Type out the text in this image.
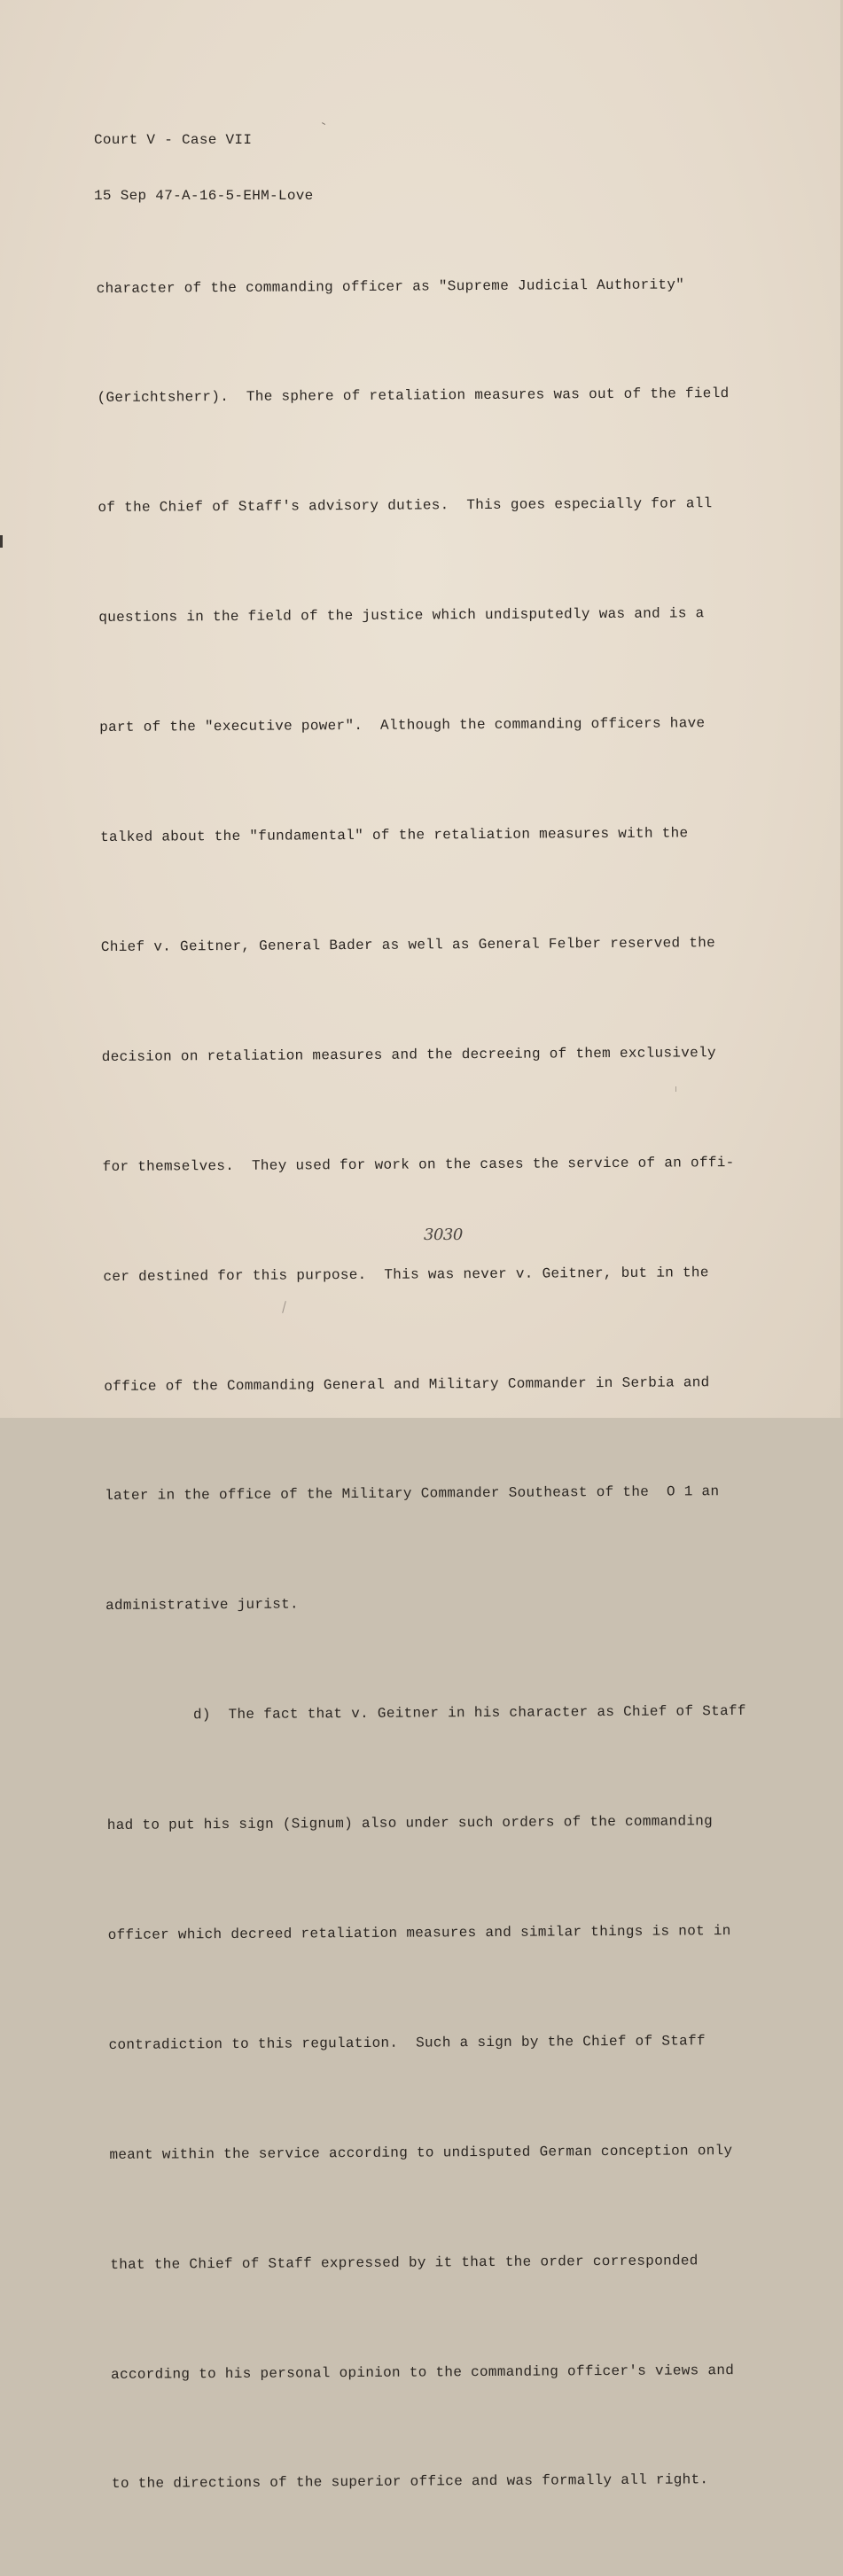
Court V - Case VII

15 Sep 47-A-16-5-EHM-Love

character of the commanding officer as "Supreme Judicial Authority"

(Gerichtsherr).  The sphere of retaliation measures was out of the field

of the Chief of Staff's advisory duties.  This goes especially for all

questions in the field of the justice which undisputedly was and is a

part of the "executive power".  Although the commanding officers have

talked about the "fundamental" of the retaliation measures with the

Chief v. Geitner, General Bader as well as General Felber reserved the

decision on retaliation measures and the decreeing of them exclusively

for themselves.  They used for work on the cases the service of an offi-

cer destined for this purpose.  This was never v. Geitner, but in the

office of the Commanding General and Military Commander in Serbia and

later in the office of the Military Commander Southeast of the  O 1 an

administrative jurist.

d)  The fact that v. Geitner in his character as Chief of Staff

had to put his sign (Signum) also under such orders of the commanding

officer which decreed retaliation measures and similar things is not in

contradiction to this regulation.  Such a sign by the Chief of Staff

meant within the service according to undisputed German conception only

that the Chief of Staff expressed by it that the order corresponded

according to his personal opinion to the commanding officer's views and

to the directions of the superior office and was formally all right.

3030
